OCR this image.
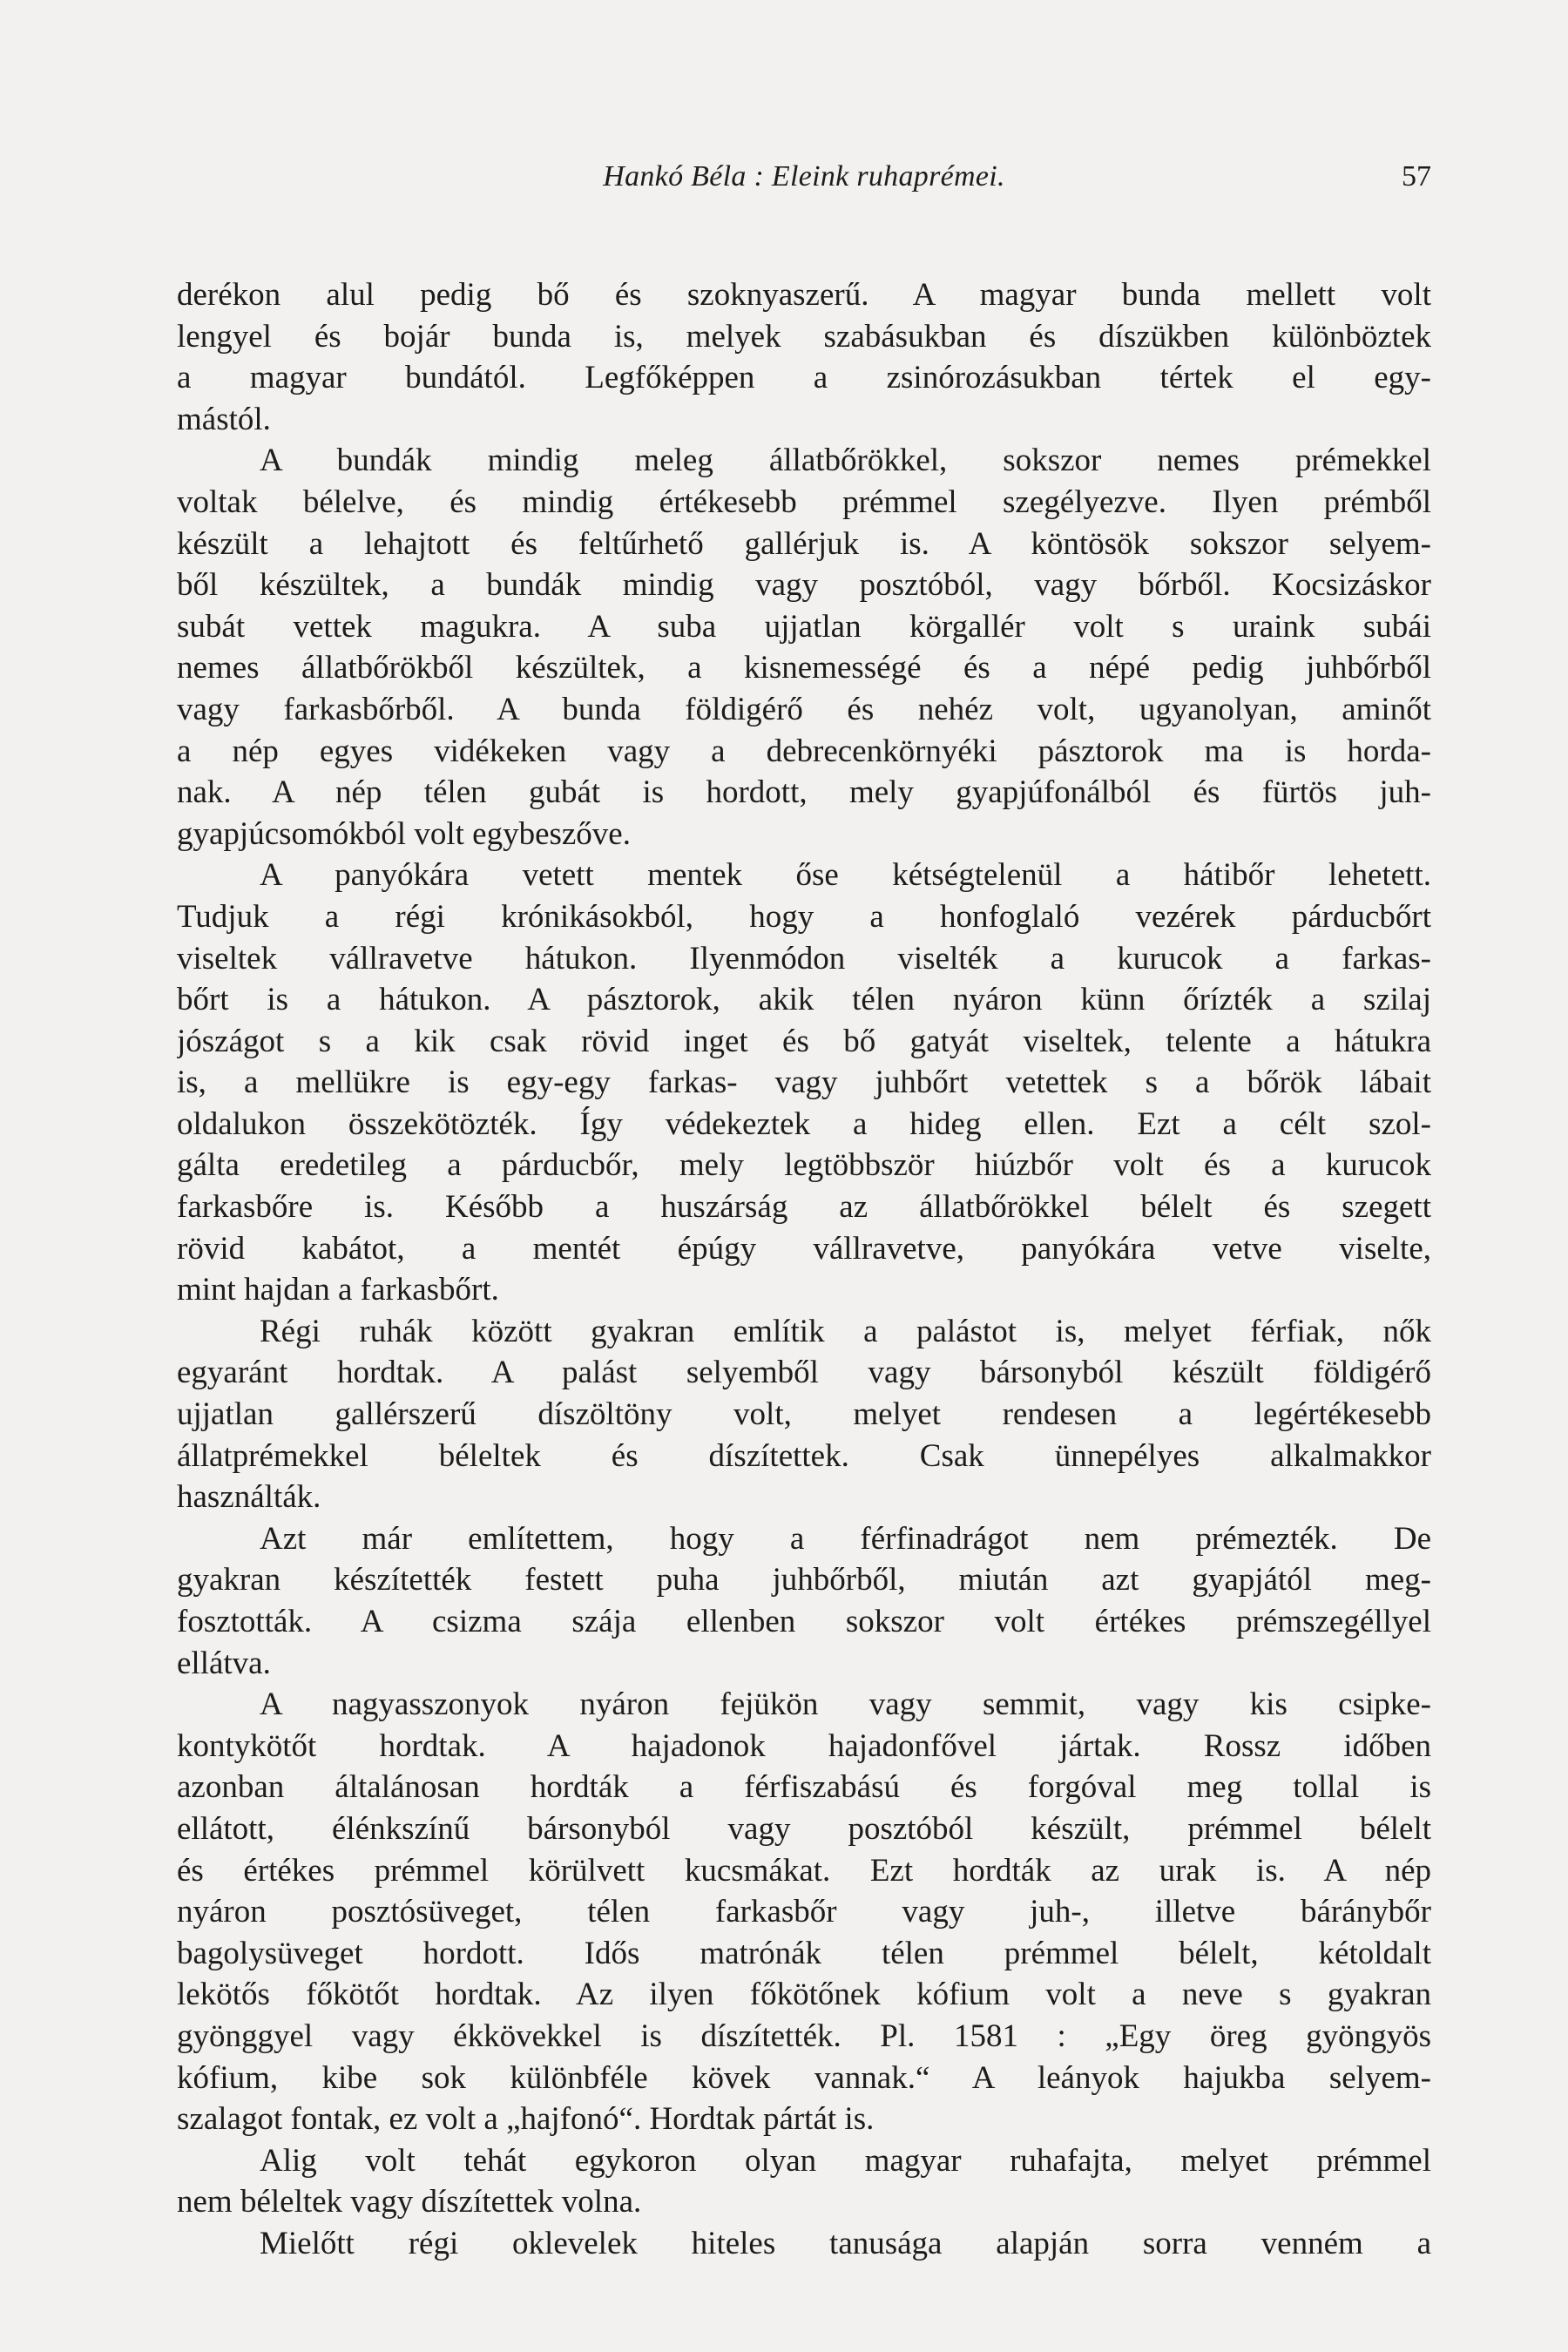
Hankó Béla : Eleink ruhaprémei.	57
derékon alul pedig bő és szoknyaszerű. A magyar bunda mellett volt
lengyel és bojár bunda is, melyek szabásukban és díszükben különböztek
a magyar bundától. Legfőképpen a zsinórozásukban tértek el egy-
mástól.
A bundák mindig meleg állatbőrökkel, sokszor nemes prémekkel
voltak bélelve, és mindig értékesebb prémmel szegélyezve. Ilyen prémből
készült a lehajtott és feltűrhető gallérjuk is. A köntösök sokszor selyem-
ből készültek, a bundák mindig vagy posztóból, vagy bőrből. Kocsizáskor
subát vettek magukra. A suba ujjatlan körgallér volt s uraink subái
nemes állatbőrökből készültek, a kisnemességé és a népé pedig juhbőrből
vagy farkasbőrből. A bunda földigérő és nehéz volt, ugyanolyan, aminőt
a nép egyes vidékeken vagy a debrecenkörnyéki pásztorok ma is horda-
nak. A nép télen gubát is hordott, mely gyapjúfonálból és fürtös juh-
gyapjúcsomókból volt egybeszőve.
A panyókára vetett mentek őse kétségtelenül a hátibőr lehetett.
Tudjuk a régi krónikásokból, hogy a honfoglaló vezérek párducbőrt
viseltek vállravetve hátukon. Ilyenmódon viselték a kurucok a farkas-
bőrt is a hátukon. A pásztorok, akik télen nyáron künn őrízték a szilaj
jószágot s a kik csak rövid inget és bő gatyát viseltek, telente a hátukra
is, a mellükre is egy-egy farkas- vagy juhbőrt vetettek s a bőrök lábait
oldalukon összekötözték. Így védekeztek a hideg ellen. Ezt a célt szol-
gálta eredetileg a párducbőr, mely legtöbbször hiúzbőr volt és a kurucok
farkasbőre is. Később a huszárság az állatbőrökkel bélelt és szegett
rövid kabátot, a mentét épúgy vállravetve, panyókára vetve viselte,
mint hajdan a farkasbőrt.
Régi ruhák között gyakran említik a palástot is, melyet férfiak, nők
egyaránt hordtak. A palást selyemből vagy bársonyból készült földigérő
ujjatlan gallérszerű díszöltöny volt, melyet rendesen a legértékesebb
állatprémekkel béleltek és díszítettek. Csak ünnepélyes alkalmakkor
használták.
Azt már említettem, hogy a férfinadrágot nem prémezték. De
gyakran készítették festett puha juhbőrből, miután azt gyapjától meg-
fosztották. A csizma szája ellenben sokszor volt értékes prémszegéllyel
ellátva.
A nagyasszonyok nyáron fejükön vagy semmit, vagy kis csipke-
kontykötőt hordtak. A hajadonok hajadonfővel jártak. Rossz időben
azonban általánosan hordták a férfiszabású és forgóval meg tollal is
ellátott, élénkszínű bársonyból vagy posztóból készült, prémmel bélelt
és értékes prémmel körülvett kucsmákat. Ezt hordták az urak is. A nép
nyáron posztósüveget, télen farkasbőr vagy juh-, illetve báránybőr
bagolysüveget hordott. Idős matrónák télen prémmel bélelt, kétoldalt
lekötős főkötőt hordtak. Az ilyen főkötőnek kófium volt a neve s gyakran
gyönggyel vagy ékkövekkel is díszítették. Pl. 1581 : „Egy öreg gyöngyös
kófium, kibe sok különbféle kövek vannak.“ A leányok hajukba selyem-
szalagot fontak, ez volt a „hajfonó“. Hordtak pártát is.
Alig volt tehát egykoron olyan magyar ruhafajta, melyet prémmel
nem béleltek vagy díszítettek volna.
Mielőtt régi oklevelek hiteles tanusága alapján sorra venném a
